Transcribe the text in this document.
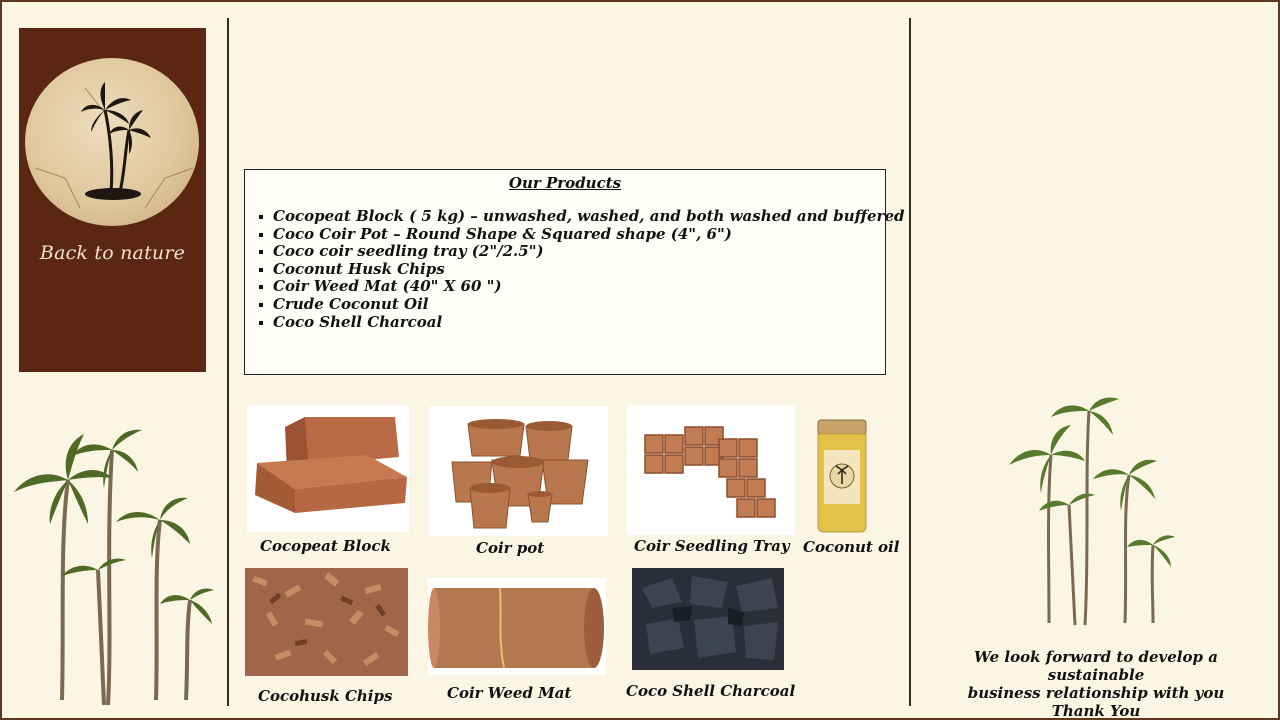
Back to nature
Our Products
Cocopeat Block ( 5 kg) – unwashed, washed, and both washed and buffered
Coco Coir Pot – Round Shape & Squared shape (4", 6")
Coco coir seedling tray (2"/2.5")
Coconut Husk Chips
Coir Weed Mat (40" X 60 ")
Crude Coconut Oil
Coco Shell Charcoal
Cocopeat Block	Coir pot	Coir Seedling Tray Coconut oil
Cocohusk Chips	Coir Weed Mat	Coco Shell Charcoal
We look forward to develop a sustainable
business relationship with you
Thank You
